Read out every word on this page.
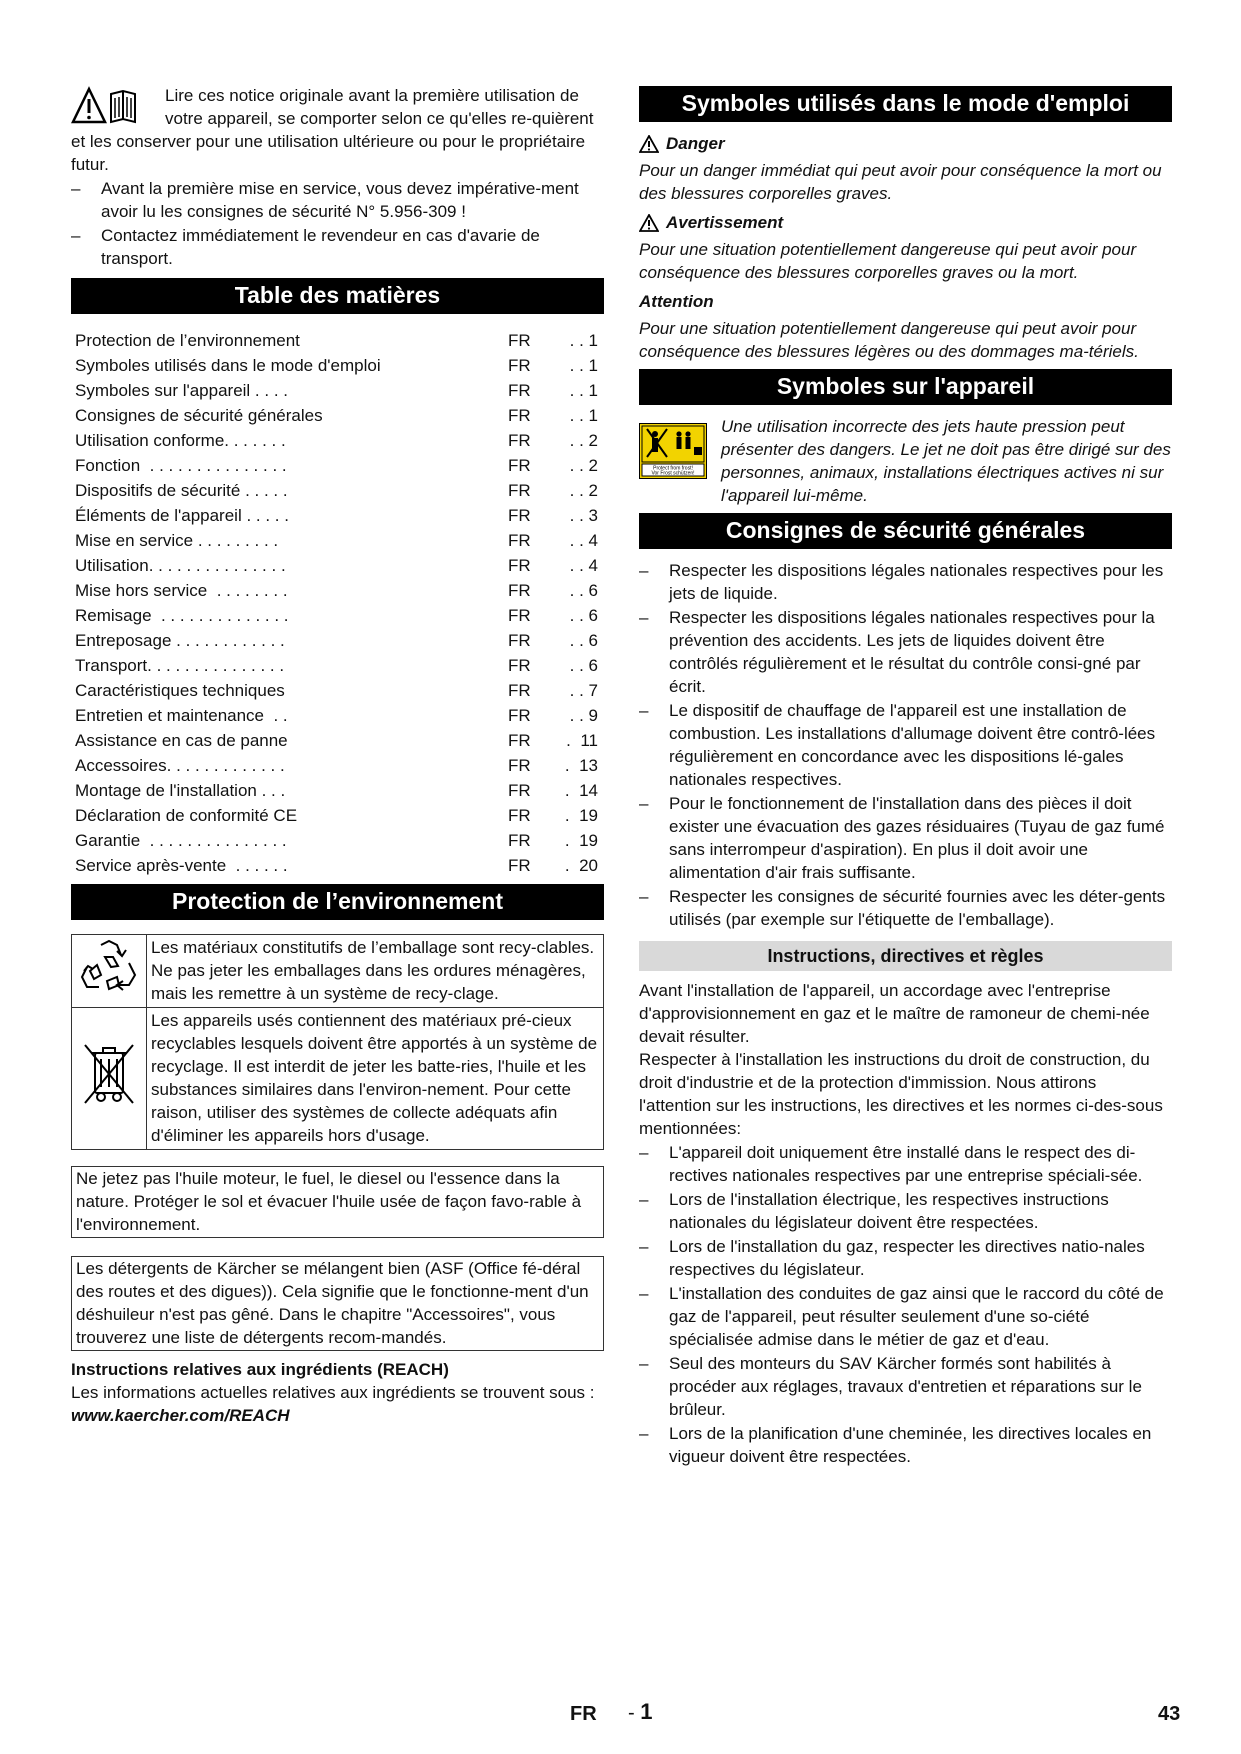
Lire ces notice originale avant la première utilisation de votre appareil, se comporter selon ce qu'elles re-quièrent et les conserver pour une utilisation ultérieure ou pour le propriétaire futur.

– Avant la première mise en service, vous devez impérative-ment avoir lu les consignes de sécurité N° 5.956-309 !
– Contactez immédiatement le revendeur en cas d'avarie de transport.
Table des matières
Protection de l’environnement	FR	. . 1
Symboles utilisés dans le mode d'emploi	FR	. . 1
Symboles sur l'appareil . . . .	FR	. . 1
Consignes de sécurité générales	FR	. . 1
Utilisation conforme. . . . . . .	FR	. . 2
Fonction  . . . . . . . . . . . . . . .	FR	. . 2
Dispositifs de sécurité . . . . .	FR	. . 2
Éléments de l'appareil . . . . .	FR	. . 3
Mise en service . . . . . . . . .	FR	. . 4
Utilisation. . . . . . . . . . . . . . .	FR	. . 4
Mise hors service  . . . . . . . .	FR	. . 6
Remisage  . . . . . . . . . . . . . .	FR	. . 6
Entreposage . . . . . . . . . . . .	FR	. . 6
Transport. . . . . . . . . . . . . . .	FR	. . 6
Caractéristiques techniques	FR	. . 7
Entretien et maintenance  . .	FR	. . 9
Assistance en cas de panne	FR	.  11
Accessoires. . . . . . . . . . . . .	FR	.  13
Montage de l'installation . . .	FR	.  14
Déclaration de conformité CE	FR	.  19
Garantie  . . . . . . . . . . . . . . .	FR	.  19
Service après-vente  . . . . . .	FR	.  20
Protection de l’environnement
	Les matériaux constitutifs de l’emballage sont recy-clables. Ne pas jeter les emballages dans les ordures ménagères, mais les remettre à un système de recy-clage.
	Les appareils usés contiennent des matériaux pré-cieux recyclables lesquels doivent être apportés à un système de recyclage. Il est interdit de jeter les batte-ries, l'huile et les substances similaires dans l'environ-nement. Pour cette raison, utiliser des systèmes de collecte adéquats afin d'éliminer les appareils hors d'usage.
Ne jetez pas l'huile moteur, le fuel, le diesel ou l'essence dans la nature. Protéger le sol et évacuer l'huile usée de façon favo-rable à l'environnement.
Les détergents de Kärcher se mélangent bien (ASF (Office fé-déral des routes et des digues)). Cela signifie que le fonctionne-ment d'un déshuileur n'est pas gêné. Dans le chapitre "Accessoires", vous trouverez une liste de détergents recom-mandés.

Instructions relatives aux ingrédients (REACH)

Les informations actuelles relatives aux ingrédients se trouvent sous :

www.kaercher.com/REACH

Symboles utilisés dans le mode d'emploi
Danger

Pour un danger immédiat qui peut avoir pour conséquence la mort ou des blessures corporelles graves.

Avertissement

Pour une situation potentiellement dangereuse qui peut avoir pour conséquence des blessures corporelles graves ou la mort.

Attention

Pour une situation potentiellement dangereuse qui peut avoir pour conséquence des blessures légères ou des dommages ma-tériels.

Symboles sur l'appareil
Protect from frost!
Vor Frost schützen!

Une utilisation incorrecte des jets haute pression peut présenter des dangers. Le jet ne doit pas être dirigé sur des personnes, animaux, installations électriques actives ni sur l'appareil lui-même.

Consignes de sécurité générales
– Respecter les dispositions légales nationales respectives pour les jets de liquide.
– Respecter les dispositions légales nationales respectives pour la prévention des accidents. Les jets de liquides doivent être contrôlés régulièrement et le résultat du contrôle consi-gné par écrit.
– Le dispositif de chauffage de l'appareil est une installation de combustion. Les installations d'allumage doivent être contrô-lées régulièrement en concordance avec les dispositions lé-gales nationales respectives.
– Pour le fonctionnement de l'installation dans des pièces il doit exister une évacuation des gazes résiduaires (Tuyau de gaz fumé sans interrompeur d'aspiration). En plus il doit avoir une alimentation d'air frais suffisante.
– Respecter les consignes de sécurité fournies avec les déter-gents utilisés (par exemple sur l'étiquette de l'emballage).
Instructions, directives et règles

Avant l'installation de l'appareil, un accordage avec l'entreprise d'approvisionnement en gaz et le maître de ramoneur de chemi-née devait résulter.

Respecter à l'installation les instructions du droit de construction, du droit d'industrie et de la protection d'immission. Nous attirons l'attention sur les instructions, les directives et les normes ci-des-sous mentionnées:

– L'appareil doit uniquement être installé dans le respect des di-rectives nationales respectives par une entreprise spéciali-sée.
– Lors de l'installation électrique, les respectives instructions nationales du législateur doivent être respectées.
– Lors de l'installation du gaz, respecter les directives natio-nales respectives du législateur.
– L'installation des conduites de gaz ainsi que le raccord du côté de gaz de l'appareil, peut résulter seulement d'une so-ciété spécialisée admise dans le métier de gaz et d'eau.
– Seul des monteurs du SAV Kärcher formés sont habilités à procéder aux réglages, travaux d'entretien et réparations sur le brûleur.
– Lors de la planification d'une cheminée, les directives locales en vigueur doivent être respectées.
FR - 1	43
